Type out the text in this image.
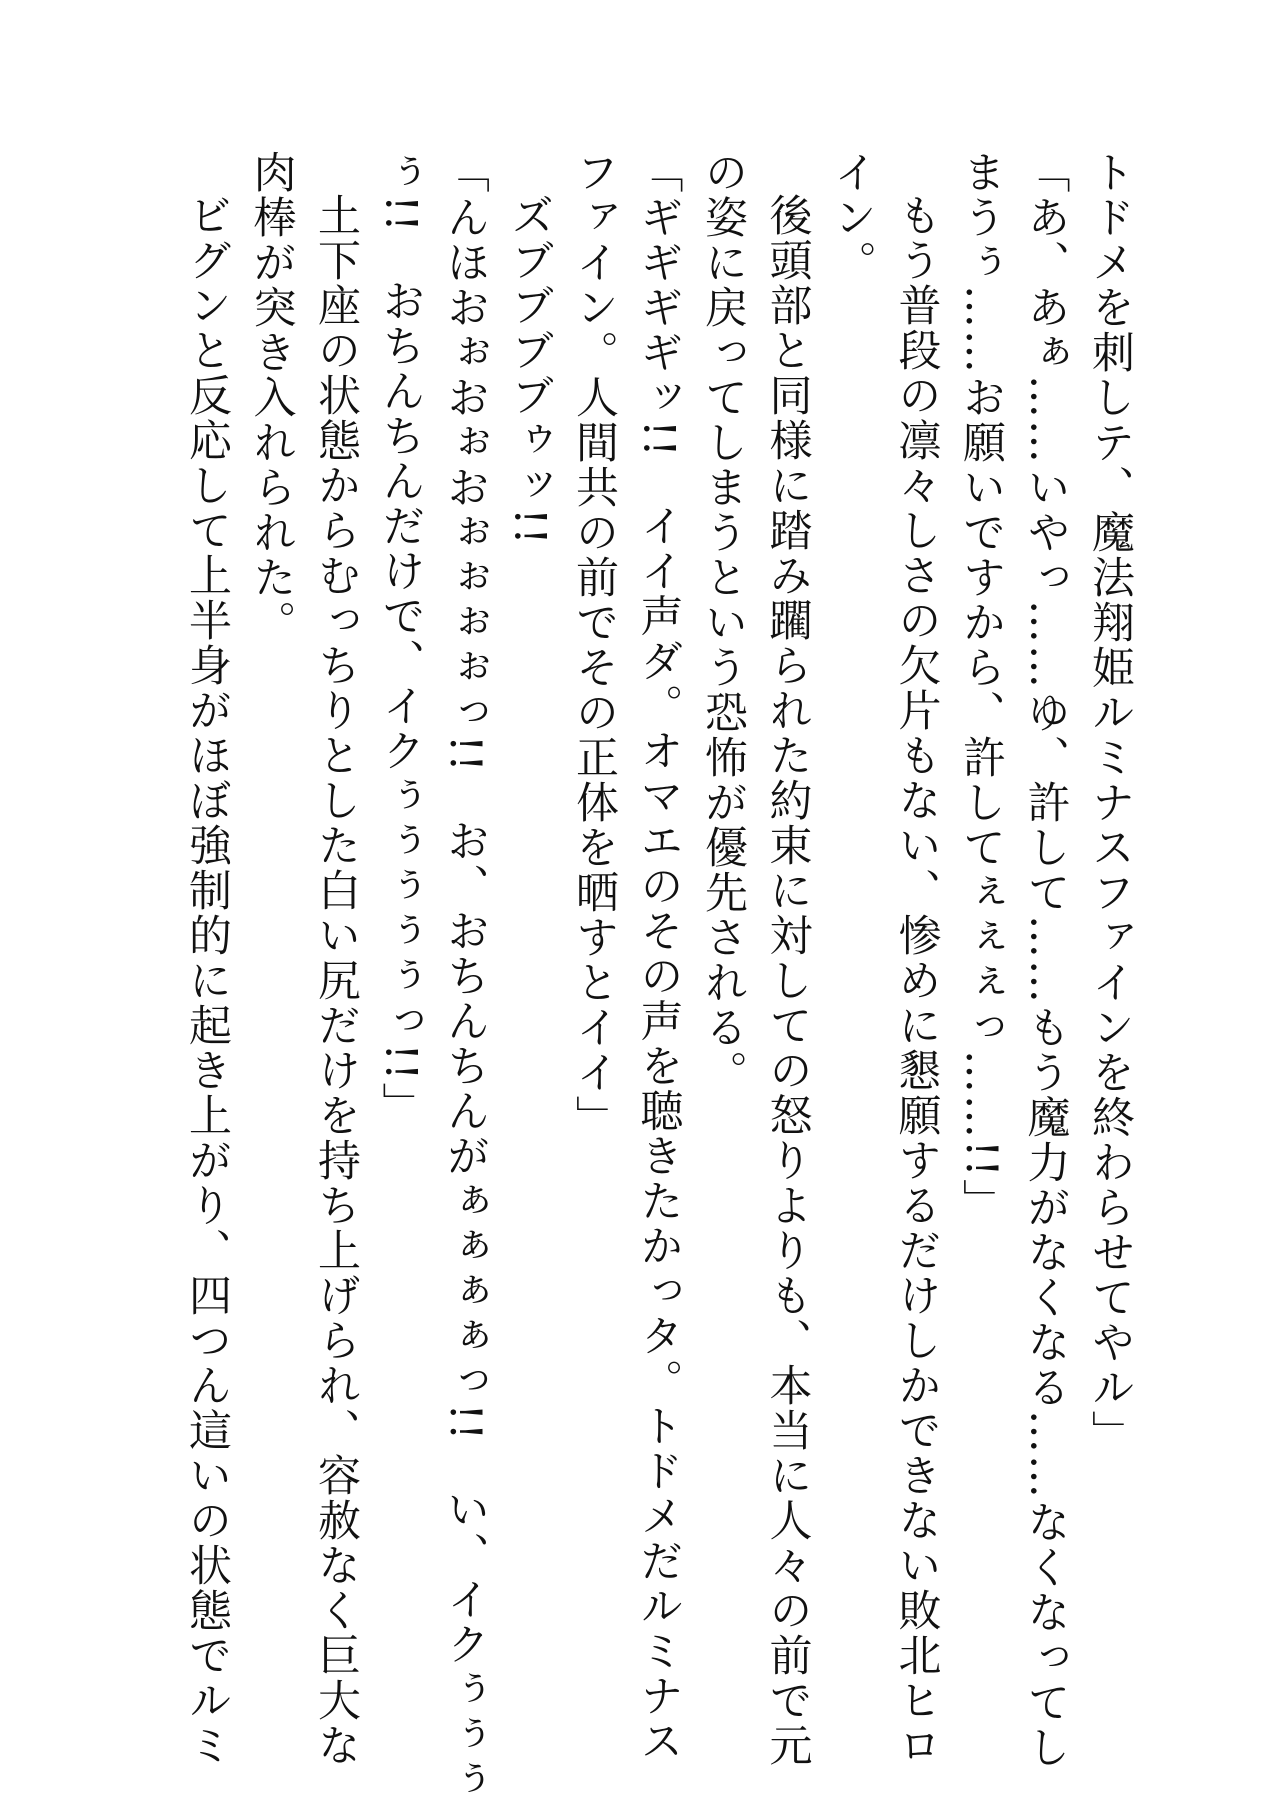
トドメを刺しテ、魔法翔姫ルミナスファインを終わらせてやル」
「あ、あぁ……いやっ……ゆ、許して……もう魔力がなくなる……なくなってし
まうぅ……お願いですから、許してぇぇぇっ……!!」
もう普段の凛々しさの欠片もない、惨めに懇願するだけしかできない敗北ヒロ
イン。
後頭部と同様に踏み躙られた約束に対しての怒りよりも、本当に人々の前で元
の姿に戻ってしまうという恐怖が優先される。
「ギギギギッ!!　イイ声ダ。オマエのその声を聴きたかっタ。トドメだルミナス
ファイン。人間共の前でその正体を晒すとイイ」
ズブブブブゥッ!!
「んほおぉおぉおぉぉぉぉっ!!　お、おちんちんがぁぁぁぁっ!!　い、イクぅぅぅ
ぅ!!　おちんちんだけで、イクぅぅぅぅぅっ!!」
土下座の状態からむっちりとした白い尻だけを持ち上げられ、容赦なく巨大な
肉棒が突き入れられた。
ビグンと反応して上半身がほぼ強制的に起き上がり、四つん這いの状態でルミ
